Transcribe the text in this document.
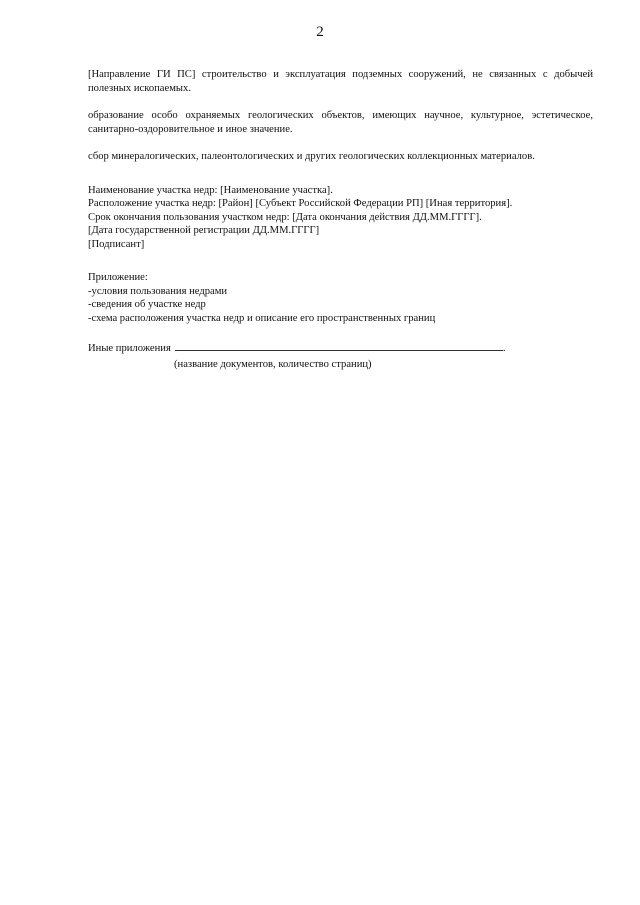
2

[Направление ГИ ПС] строительство и эксплуатация подземных сооружений, не связанных с добычей полезных ископаемых.

образование особо охраняемых геологических объектов, имеющих научное, культурное, эстетическое, санитарно-оздоровительное и иное значение.

сбор минералогических, палеонтологических и других геологических коллекционных материалов.

Наименование участка недр: [Наименование участка].

Расположение участка недр: [Район] [Субъект Российской Федерации РП] [Иная территория].

Срок окончания пользования участком недр: [Дата окончания действия ДД.ММ.ГГГГ].

[Дата государственной регистрации ДД.ММ.ГГГГ]

[Подписант]

Приложение:

-условия пользования недрами

-сведения об участке недр

-схема расположения участка недр и описание его пространственных границ

Иные приложения	.

(название документов, количество страниц)
